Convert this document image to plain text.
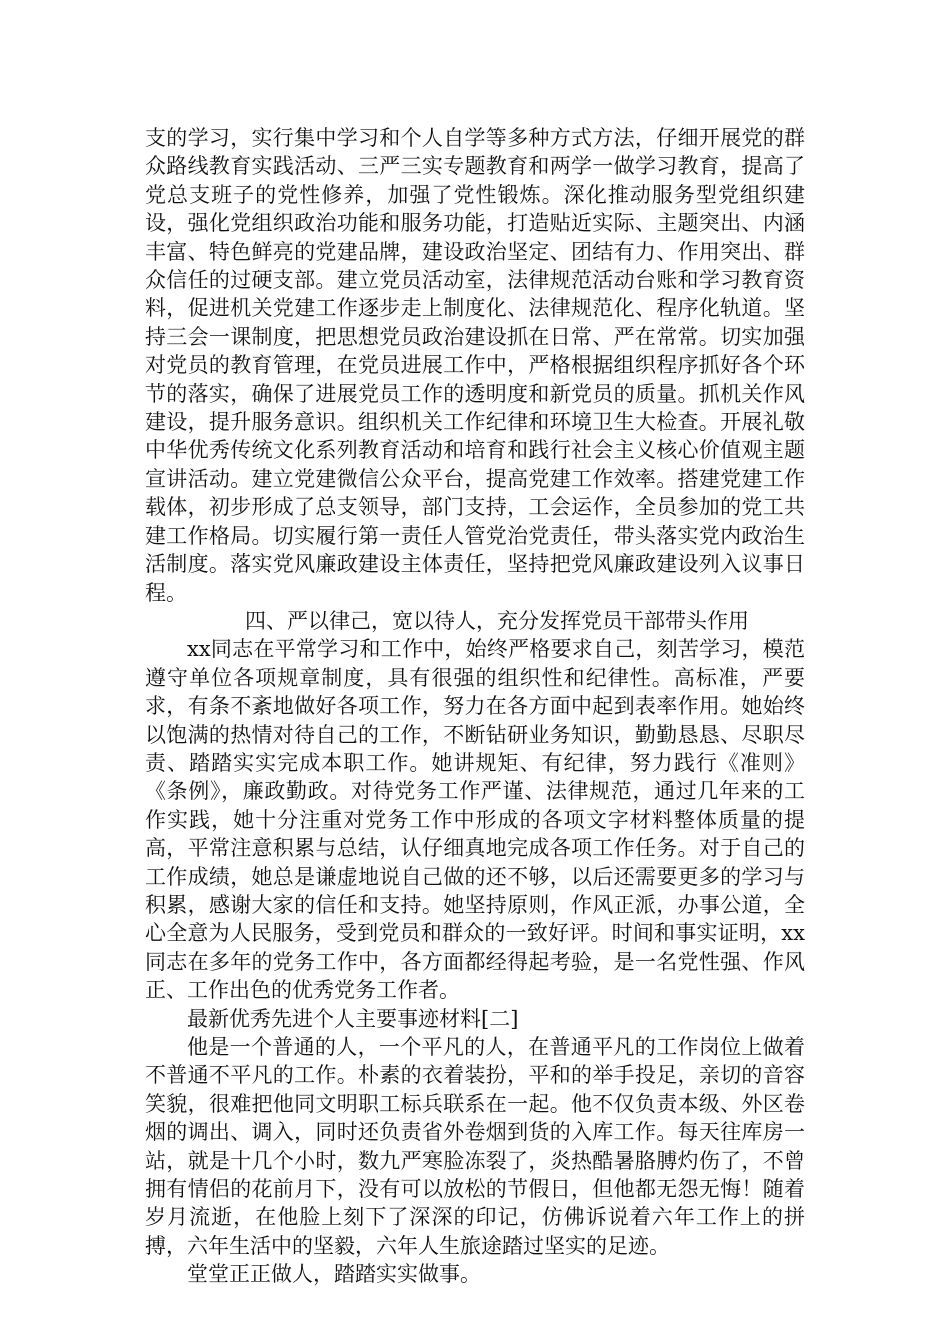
支的学习，实行集中学习和个人自学等多种方式方法，仔细开展党的群众路线教育实践活动、三严三实专题教育和两学一做学习教育，提高了党总支班子的党性修养，加强了党性锻炼。深化推动服务型党组织建设，强化党组织政治功能和服务功能，打造贴近实际、主题突出、内涵丰富、特色鲜亮的党建品牌，建设政治坚定、团结有力、作用突出、群众信任的过硬支部。建立党员活动室，法律规范活动台账和学习教育资料，促进机关党建工作逐步走上制度化、法律规范化、程序化轨道。坚持三会一课制度，把思想党员政治建设抓在日常、严在常常。切实加强对党员的教育管理，在党员进展工作中，严格根据组织程序抓好各个环节的落实，确保了进展党员工作的透明度和新党员的质量。抓机关作风建设，提升服务意识。组织机关工作纪律和环境卫生大检查。开展礼敬中华优秀传统文化系列教育活动和培育和践行社会主义核心价值观主题宣讲活动。建立党建微信公众平台，提高党建工作效率。搭建党建工作载体，初步形成了总支领导，部门支持，工会运作，全员参加的党工共建工作格局。切实履行第一责任人管党治党责任，带头落实党内政治生活制度。落实党风廉政建设主体责任，坚持把党风廉政建设列入议事日程。

四、严以律己，宽以待人，充分发挥党员干部带头作用

xx同志在平常学习和工作中，始终严格要求自己，刻苦学习，模范遵守单位各项规章制度，具有很强的组织性和纪律性。高标准，严要求，有条不紊地做好各项工作，努力在各方面中起到表率作用。她始终以饱满的热情对待自己的工作，不断钻研业务知识，勤勤恳恳、尽职尽责、踏踏实实完成本职工作。她讲规矩、有纪律，努力践行《准则》《条例》，廉政勤政。对待党务工作严谨、法律规范，通过几年来的工作实践，她十分注重对党务工作中形成的各项文字材料整体质量的提高，平常注意积累与总结，认仔细真地完成各项工作任务。对于自己的工作成绩，她总是谦虚地说自己做的还不够，以后还需要更多的学习与积累，感谢大家的信任和支持。她坚持原则，作风正派，办事公道，全心全意为人民服务，受到党员和群众的一致好评。时间和事实证明，xx同志在多年的党务工作中，各方面都经得起考验，是一名党性强、作风正、工作出色的优秀党务工作者。

最新优秀先进个人主要事迹材料[二]

他是一个普通的人，一个平凡的人，在普通平凡的工作岗位上做着不普通不平凡的工作。朴素的衣着装扮，平和的举手投足，亲切的音容笑貌，很难把他同文明职工标兵联系在一起。他不仅负责本级、外区卷烟的调出、调入，同时还负责省外卷烟到货的入库工作。每天往库房一站，就是十几个小时，数九严寒脸冻裂了，炎热酷暑胳膊灼伤了，不曾拥有情侣的花前月下，没有可以放松的节假日，但他都无怨无悔！随着岁月流逝，在他脸上刻下了深深的印记，仿佛诉说着六年工作上的拼搏，六年生活中的坚毅，六年人生旅途踏过坚实的足迹。

堂堂正正做人，踏踏实实做事。
